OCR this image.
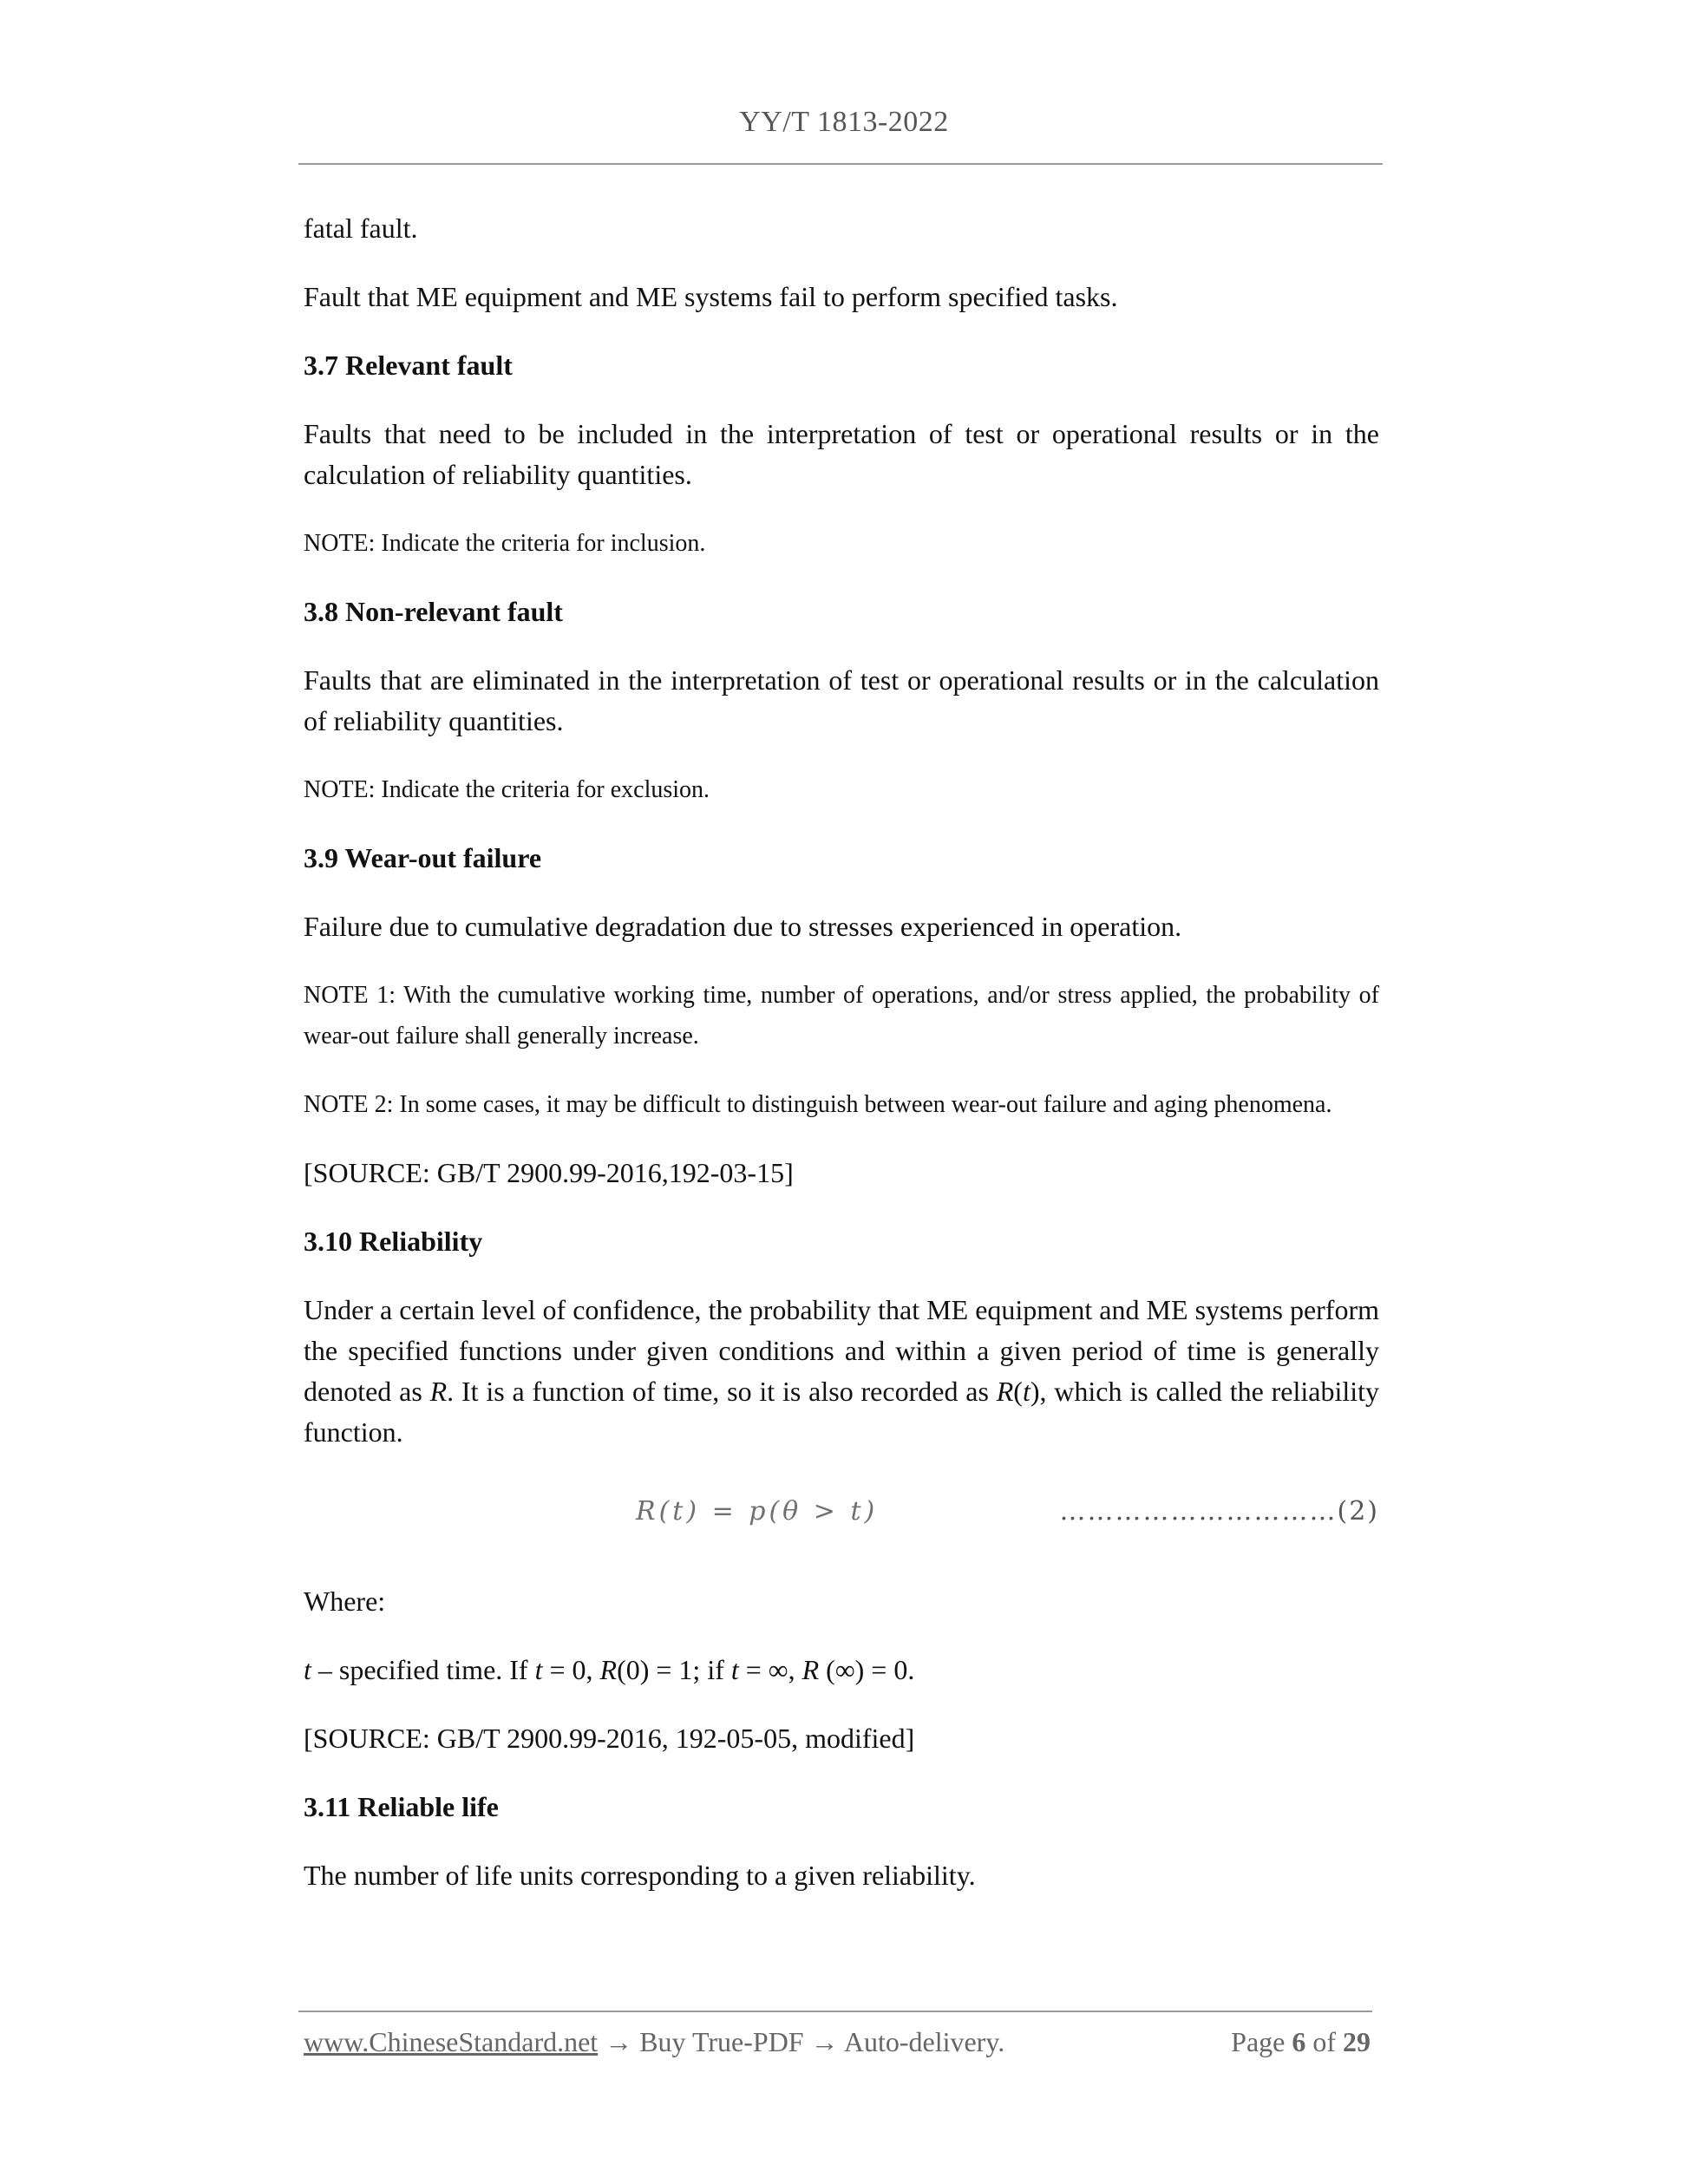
YY/T 1813-2022

fatal fault.

Fault that ME equipment and ME systems fail to perform specified tasks.

3.7 Relevant fault

Faults that need to be included in the interpretation of test or operational results or in the calculation of reliability quantities.

NOTE: Indicate the criteria for inclusion.

3.8 Non-relevant fault

Faults that are eliminated in the interpretation of test or operational results or in the calculation of reliability quantities.

NOTE: Indicate the criteria for exclusion.

3.9 Wear-out failure

Failure due to cumulative degradation due to stresses experienced in operation.

NOTE 1: With the cumulative working time, number of operations, and/or stress applied, the probability of wear-out failure shall generally increase.

NOTE 2: In some cases, it may be difficult to distinguish between wear-out failure and aging phenomena.

[SOURCE: GB/T 2900.99-2016,192-03-15]

3.10 Reliability

Under a certain level of confidence, the probability that ME equipment and ME systems perform the specified functions under given conditions and within a given period of time is generally denoted as R. It is a function of time, so it is also recorded as R(t), which is called the reliability function.

R(t) = p(θ > t)	…………………………(2)

Where:

t – specified time. If t = 0, R(0) = 1; if t = ∞, R (∞) = 0.

[SOURCE: GB/T 2900.99-2016, 192-05-05, modified]

3.11 Reliable life

The number of life units corresponding to a given reliability.

www.ChineseStandard.net → Buy True-PDF → Auto-delivery.	Page 6 of 29
